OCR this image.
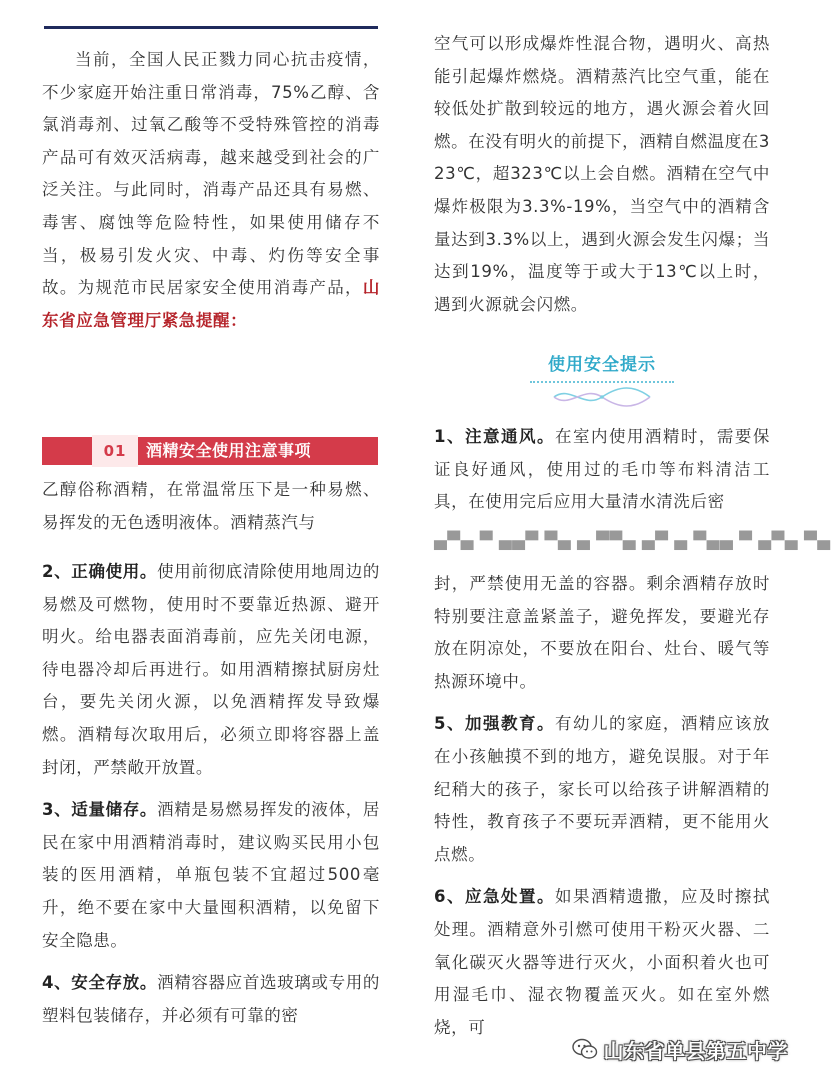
当前，全国人民正戮力同心抗击疫情，不少家庭开始注重日常消毒，75%乙醇、含氯消毒剂、过氧乙酸等不受特殊管控的消毒产品可有效灭活病毒，越来越受到社会的广泛关注。与此同时，消毒产品还具有易燃、毒害、腐蚀等危险特性，如果使用储存不当，极易引发火灾、中毒、灼伤等安全事故。为规范市民居家安全使用消毒产品，山东省应急管理厅紧急提醒：

01	酒精安全使用注意事项

乙醇俗称酒精，在常温常压下是一种易燃、易挥发的无色透明液体。酒精蒸汽与

2、正确使用。使用前彻底清除使用地周边的易燃及可燃物，使用时不要靠近热源、避开明火。给电器表面消毒前，应先关闭电源，待电器冷却后再进行。如用酒精擦拭厨房灶台，要先关闭火源，以免酒精挥发导致爆燃。酒精每次取用后，必须立即将容器上盖封闭，严禁敞开放置。

3、适量储存。酒精是易燃易挥发的液体，居民在家中用酒精消毒时，建议购买民用小包装的医用酒精，单瓶包装不宜超过500毫升，绝不要在家中大量囤积酒精，以免留下安全隐患。

4、安全存放。酒精容器应首选玻璃或专用的塑料包装储存，并必须有可靠的密

空气可以形成爆炸性混合物，遇明火、高热能引起爆炸燃烧。酒精蒸汽比空气重，能在较低处扩散到较远的地方，遇火源会着火回燃。在没有明火的前提下，酒精自燃温度在323℃，超323℃以上会自燃。酒精在空气中爆炸极限为3.3%-19%，当空气中的酒精含量达到3.3%以上，遇到火源会发生闪爆；当达到19%，温度等于或大于13℃以上时，遇到火源就会闪燃。

使用安全提示

1、注意通风。在室内使用酒精时，需要保证良好通风，使用过的毛巾等布料清洁工具，在使用完后应用大量清水清洗后密

▄▀▄ ▀ ▄▄▀ ▀▄ ▄ ▀▀▄ ▄▀ ▄ ▀▄▄ ▀ ▄▀▄ ▀▄

封，严禁使用无盖的容器。剩余酒精存放时特别要注意盖紧盖子，避免挥发，要避光存放在阴凉处，不要放在阳台、灶台、暖气等热源环境中。

5、加强教育。有幼儿的家庭，酒精应该放在小孩触摸不到的地方，避免误服。对于年纪稍大的孩子，家长可以给孩子讲解酒精的特性，教育孩子不要玩弄酒精，更不能用火点燃。

6、应急处置。如果酒精遗撒，应及时擦拭处理。酒精意外引燃可使用干粉灭火器、二氧化碳灭火器等进行灭火，小面积着火也可用湿毛巾、湿衣物覆盖灭火。如在室外燃烧，可

山东省单县第五中学
